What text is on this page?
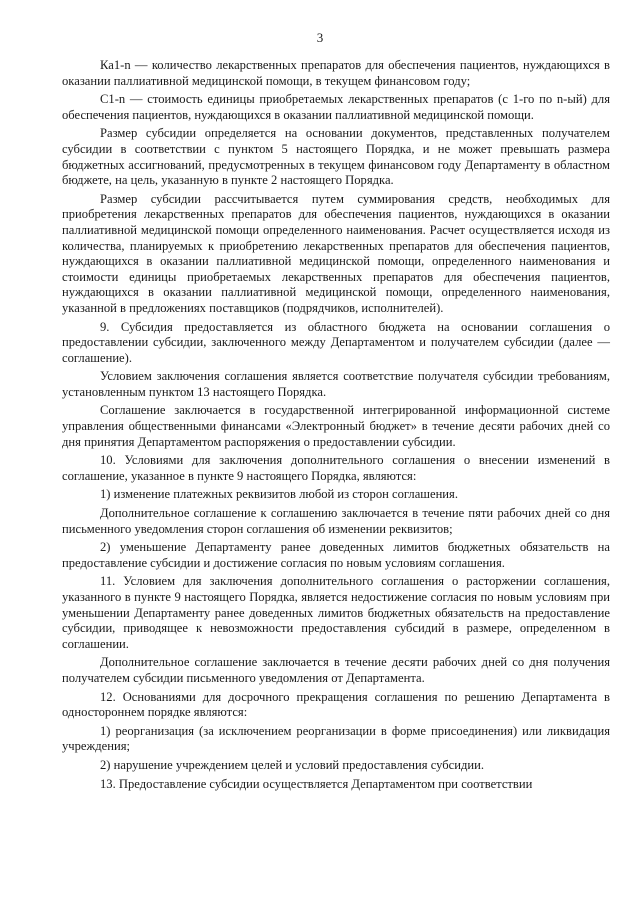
3

Ка1-n — количество лекарственных препаратов для обеспечения пациентов, нуждающихся в оказании паллиативной медицинской помощи, в текущем финансовом году;

C1-n — стоимость единицы приобретаемых лекарственных препаратов (с 1-го по n-ый) для обеспечения пациентов, нуждающихся в оказании паллиативной медицинской помощи.

Размер субсидии определяется на основании документов, представленных получателем субсидии в соответствии с пунктом 5 настоящего Порядка, и не может превышать размера бюджетных ассигнований, предусмотренных в текущем финансовом году Департаменту в областном бюджете, на цель, указанную в пункте 2 настоящего Порядка.

Размер субсидии рассчитывается путем суммирования средств, необходимых для приобретения лекарственных препаратов для обеспечения пациентов, нуждающихся в оказании паллиативной медицинской помощи определенного наименования. Расчет осуществляется исходя из количества, планируемых к приобретению лекарственных препаратов для обеспечения пациентов, нуждающихся в оказании паллиативной медицинской помощи, определенного наименования и стоимости единицы приобретаемых лекарственных препаратов для обеспечения пациентов, нуждающихся в оказании паллиативной медицинской помощи, определенного наименования, указанной в предложениях поставщиков (подрядчиков, исполнителей).

9. Субсидия предоставляется из областного бюджета на основании соглашения о предоставлении субсидии, заключенного между Департаментом и получателем субсидии (далее — соглашение).

Условием заключения соглашения является соответствие получателя субсидии требованиям, установленным пунктом 13 настоящего Порядка.

Соглашение заключается в государственной интегрированной информационной системе управления общественными финансами «Электронный бюджет» в течение десяти рабочих дней со дня принятия Департаментом распоряжения о предоставлении субсидии.

10. Условиями для заключения дополнительного соглашения о внесении изменений в соглашение, указанное в пункте 9 настоящего Порядка, являются:

1) изменение платежных реквизитов любой из сторон соглашения.

Дополнительное соглашение к соглашению заключается в течение пяти рабочих дней со дня письменного уведомления сторон соглашения об изменении реквизитов;

2) уменьшение Департаменту ранее доведенных лимитов бюджетных обязательств на предоставление субсидии и достижение согласия по новым условиям соглашения.

11. Условием для заключения дополнительного соглашения о расторжении соглашения, указанного в пункте 9 настоящего Порядка, является недостижение согласия по новым условиям при уменьшении Департаменту ранее доведенных лимитов бюджетных обязательств на предоставление субсидии, приводящее к невозможности предоставления субсидий в размере, определенном в соглашении.

Дополнительное соглашение заключается в течение десяти рабочих дней со дня получения получателем субсидии письменного уведомления от Департамента.

12. Основаниями для досрочного прекращения соглашения по решению Департамента в одностороннем порядке являются:

1) реорганизация (за исключением реорганизации в форме присоединения) или ликвидация учреждения;

2) нарушение учреждением целей и условий предоставления субсидии.

13. Предоставление субсидии осуществляется Департаментом при соответствии
